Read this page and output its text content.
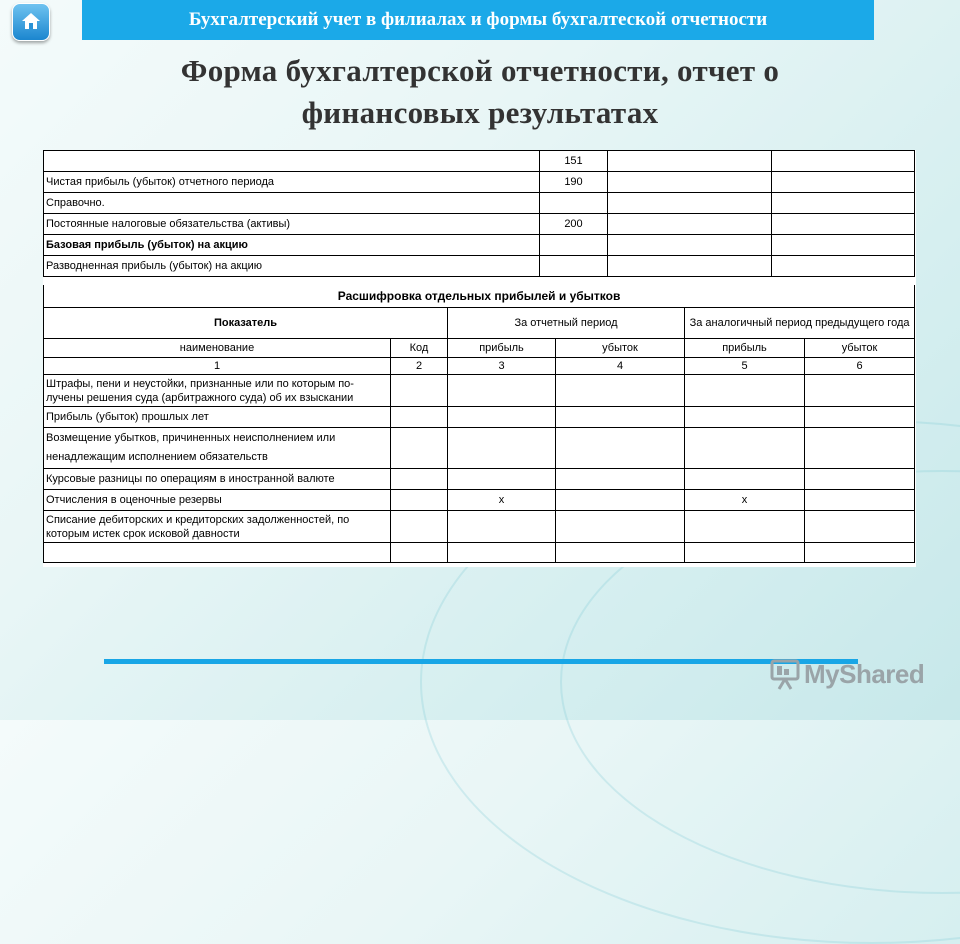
Бухгалтерский учет в филиалах и формы бухгалтеской отчетности
Форма бухгалтерской отчетности, отчет о финансовых результатах
	151		
Чистая прибыль (убыток) отчетного периода	190		
Справочно.			
Постоянные налоговые обязательства (активы)	200		
Базовая прибыль (убыток) на акцию			
Разводненная прибыль (убыток) на акцию			
Расшифровка отдельных прибылей и убытков					
Показатель		За отчетный период		За аналогичный период предыдущего года	
наименование	Код	прибыль	убыток	прибыль	убыток
1	2	3	4	5	6
Штрафы, пени и неустойки, признанные или по которым по-лучены решения суда (арбитражного суда) об их взыскании					
Прибыль (убыток) прошлых лет					
Возмещение убытков, причиненных неисполнением или ненадлежащим исполнением обязательств					
Курсовые разницы по операциям в иностранной валюте					
Отчисления в оценочные резервы		х		х	
Списание дебиторских и кредиторских задолженностей, по которым истек срок исковой давности					

MyShared
